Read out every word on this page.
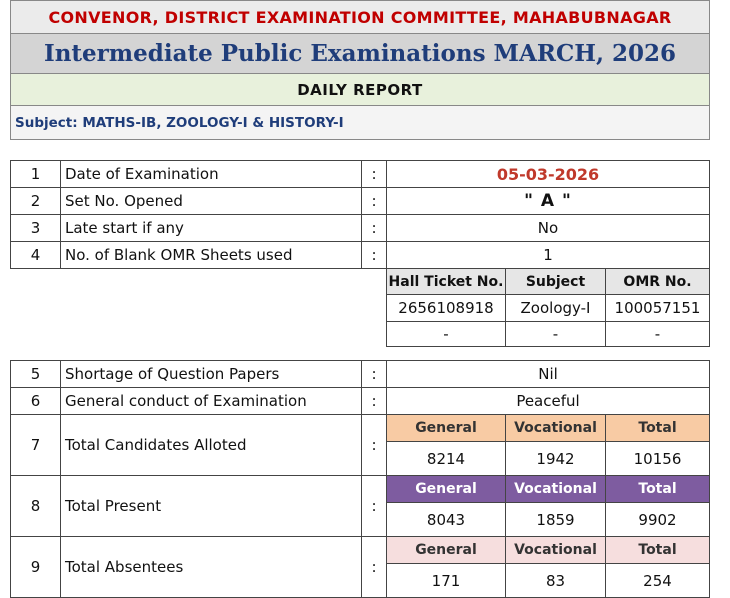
CONVENOR, DISTRICT EXAMINATION COMMITTEE, MAHABUBNAGAR
Intermediate Public Examinations MARCH, 2026
DAILY REPORT
Subject: MATHS-IB, ZOOLOGY-I & HISTORY-I
1	Date of Examination	:	05-03-2026
2	Set No. Opened	:	" A "
3	Late start if any	:	No
4	No. of Blank OMR Sheets used	:	1
Hall Ticket No.	Subject	OMR No.
2656108918	Zoology-I	100057151
-	-	-
5	Shortage of Question Papers	:	Nil
6	General conduct of Examination	:	Peaceful
7	Total Candidates Alloted	:
General	Vocational	Total
8214	1942	10156
8	Total Present	:
General	Vocational	Total
8043	1859	9902
9	Total Absentees	:
General	Vocational	Total
171	83	254
